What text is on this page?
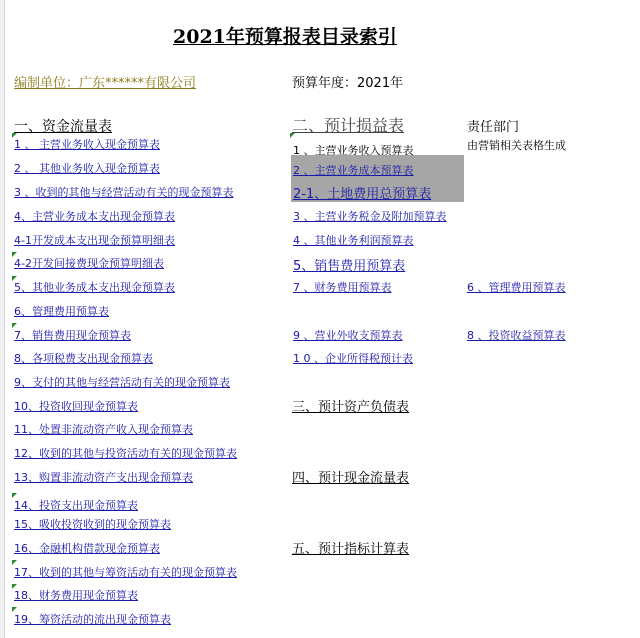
2021年预算报表目录索引
编制单位：广东******有限公司	预算年度：2021年
一、资金流量表
1 、 主营业务收入现金预算表
2 、 其他业务收入现金预算表
3 、收到的其他与经营活动有关的现金预算表
4、主营业务成本支出现金预算表
4-1开发成本支出现金预算明细表
4-2开发间接费现金预算明细表
5、其他业务成本支出现金预算表
6、管理费用预算表
7、销售费用现金预算表
8、各项税费支出现金预算表
9、支付的其他与经营活动有关的现金预算表
10、投资收回现金预算表
11、处置非流动资产收入现金预算表
12、收到的其他与投资活动有关的现金预算表
13、购置非流动资产支出现金预算表
14、投资支出现金预算表
15、吸收投资收到的现金预算表
16、金融机构借款现金预算表
17、收到的其他与筹资活动有关的现金预算表
18、财务费用现金预算表
19、筹资活动的流出现金预算表
二、预计损益表
1 、主营业务收入预算表
2 、主营业务成本预算表
2-1、土地费用总预算表
3 、主营业务税金及附加预算表
4 、其他业务利润预算表
5、销售费用预算表
7 、财务费用预算表
9 、营业外收支预算表
1 0 、企业所得税预计表
三、预计资产负债表
四、预计现金流量表
五、预计指标计算表
责任部门
由营销相关表格生成
6 、管理费用预算表
8 、投资收益预算表
